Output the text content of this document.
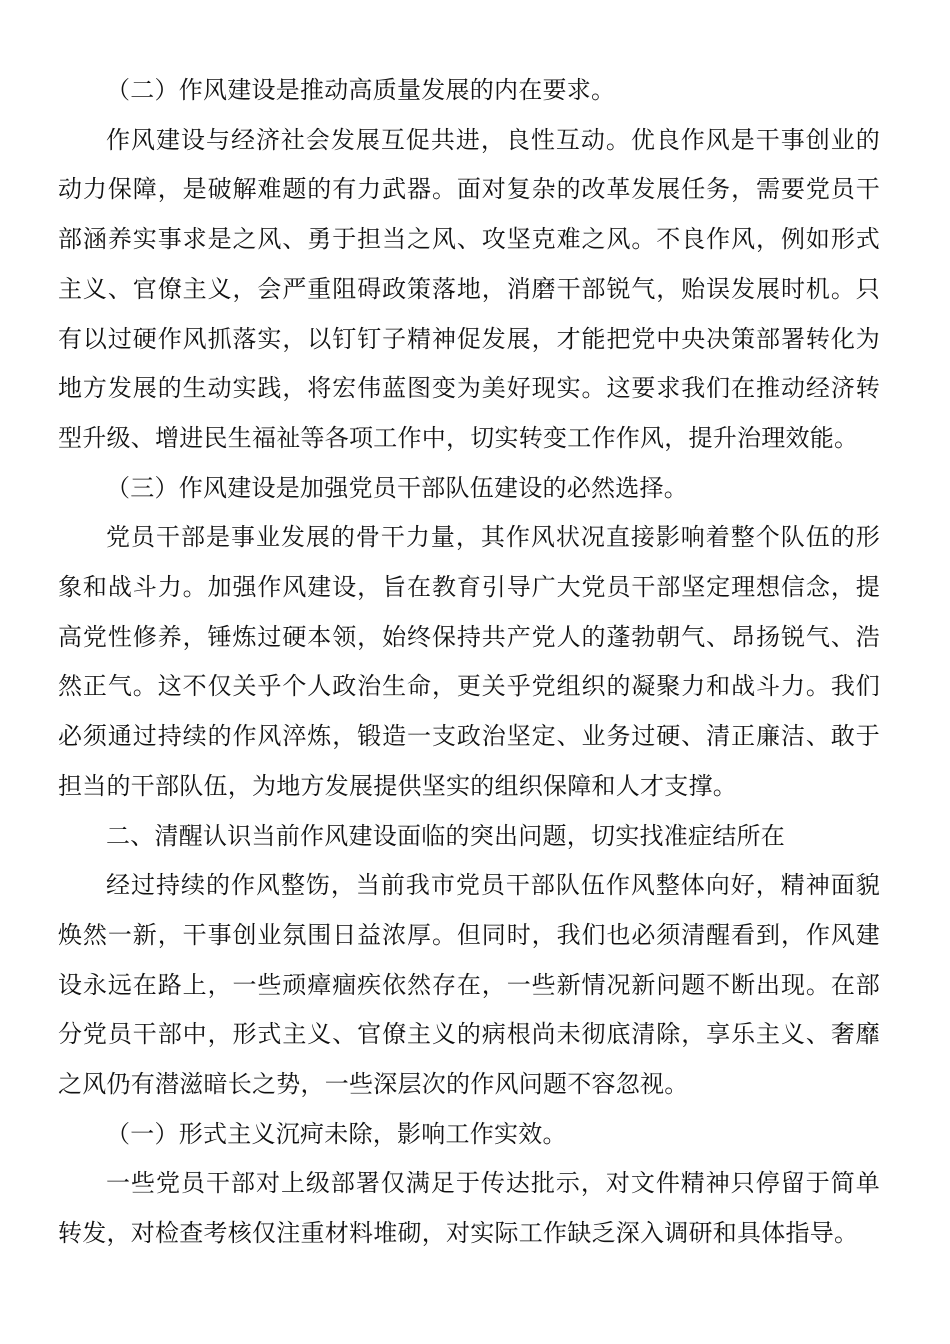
（二）作风建设是推动高质量发展的内在要求。

作风建设与经济社会发展互促共进，良性互动。优良作风是干事创业的动力保障，是破解难题的有力武器。面对复杂的改革发展任务，需要党员干部涵养实事求是之风、勇于担当之风、攻坚克难之风。不良作风，例如形式主义、官僚主义，会严重阻碍政策落地，消磨干部锐气，贻误发展时机。只有以过硬作风抓落实，以钉钉子精神促发展，才能把党中央决策部署转化为地方发展的生动实践，将宏伟蓝图变为美好现实。这要求我们在推动经济转型升级、增进民生福祉等各项工作中，切实转变工作作风，提升治理效能。

（三）作风建设是加强党员干部队伍建设的必然选择。

党员干部是事业发展的骨干力量，其作风状况直接影响着整个队伍的形象和战斗力。加强作风建设，旨在教育引导广大党员干部坚定理想信念，提高党性修养，锤炼过硬本领，始终保持共产党人的蓬勃朝气、昂扬锐气、浩然正气。这不仅关乎个人政治生命，更关乎党组织的凝聚力和战斗力。我们必须通过持续的作风淬炼，锻造一支政治坚定、业务过硬、清正廉洁、敢于担当的干部队伍，为地方发展提供坚实的组织保障和人才支撑。

二、清醒认识当前作风建设面临的突出问题，切实找准症结所在

经过持续的作风整饬，当前我市党员干部队伍作风整体向好，精神面貌焕然一新，干事创业氛围日益浓厚。但同时，我们也必须清醒看到，作风建设永远在路上，一些顽瘴痼疾依然存在，一些新情况新问题不断出现。在部分党员干部中，形式主义、官僚主义的病根尚未彻底清除，享乐主义、奢靡之风仍有潜滋暗长之势，一些深层次的作风问题不容忽视。

（一）形式主义沉疴未除，影响工作实效。

一些党员干部对上级部署仅满足于传达批示，对文件精神只停留于简单转发，对检查考核仅注重材料堆砌，对实际工作缺乏深入调研和具体指导。
